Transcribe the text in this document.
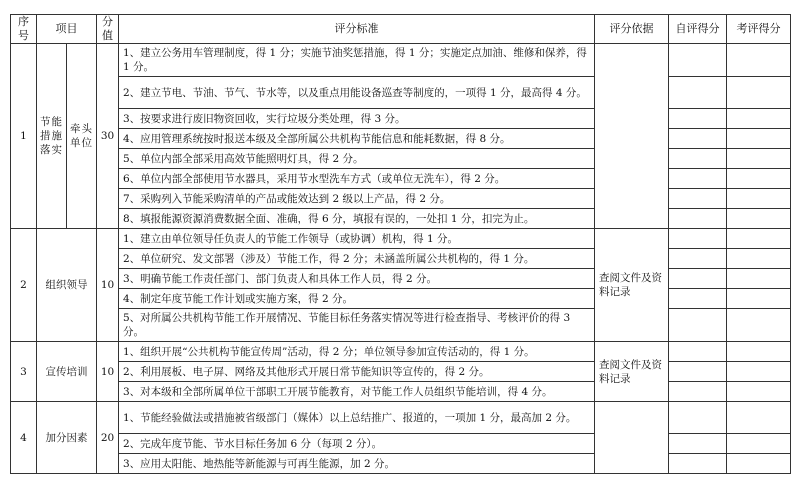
序号	项目		分值	评分标准	评分依据	自评得分	考评得分
1	节能措施落实	牵头单位	30	1、建立公务用车管理制度，得 1 分；实施节油奖惩措施，得 1 分；实施定点加油、维修和保养，得 1 分。			
				2、建立节电、节油、节气、节水等，以及重点用能设备巡查等制度的，一项得 1 分，最高得 4 分。			
				3、按要求进行废旧物资回收，实行垃圾分类处理，得 3 分。			
				4、应用管理系统按时报送本级及全部所属公共机构节能信息和能耗数据，得 8 分。			
				5、单位内部全部采用高效节能照明灯具，得 2 分。			
				6、单位内部全部使用节水器具，采用节水型洗车方式（或单位无洗车），得 2 分。			
				7、采购列入节能采购清单的产品或能效达到 2 级以上产品，得 2 分。			
				8、填报能源资源消费数据全面、准确，得 6 分，填报有误的，一处扣 1 分，扣完为止。			
2	组织领导		10	1、建立由单位领导任负责人的节能工作领导（或协调）机构，得 1 分。	查阅文件及资料记录		
				2、单位研究、发文部署（涉及）节能工作，得 2 分；未涵盖所属公共机构的，得 1 分。			
				3、明确节能工作责任部门、部门负责人和具体工作人员，得 2 分。			
				4、制定年度节能工作计划或实施方案，得 2 分。			
				5、对所属公共机构节能工作开展情况、节能目标任务落实情况等进行检查指导、考核评价的得 3 分。			
3	宣传培训		10	1、组织开展“公共机构节能宣传周”活动，得 2 分；单位领导参加宣传活动的，得 1 分。	查阅文件及资料记录		
				2、利用展板、电子屏、网络及其他形式开展日常节能知识等宣传的，得 2 分。			
				3、对本级和全部所属单位干部职工开展节能教育，对节能工作人员组织节能培训，得 4 分。			
4	加分因素		20	1、节能经验做法或措施被省级部门（媒体）以上总结推广、报道的，一项加 1 分，最高加 2 分。			
				2、完成年度节能、节水目标任务加 6 分（每项 2 分）。			
				3、应用太阳能、地热能等新能源与可再生能源，加 2 分。			
